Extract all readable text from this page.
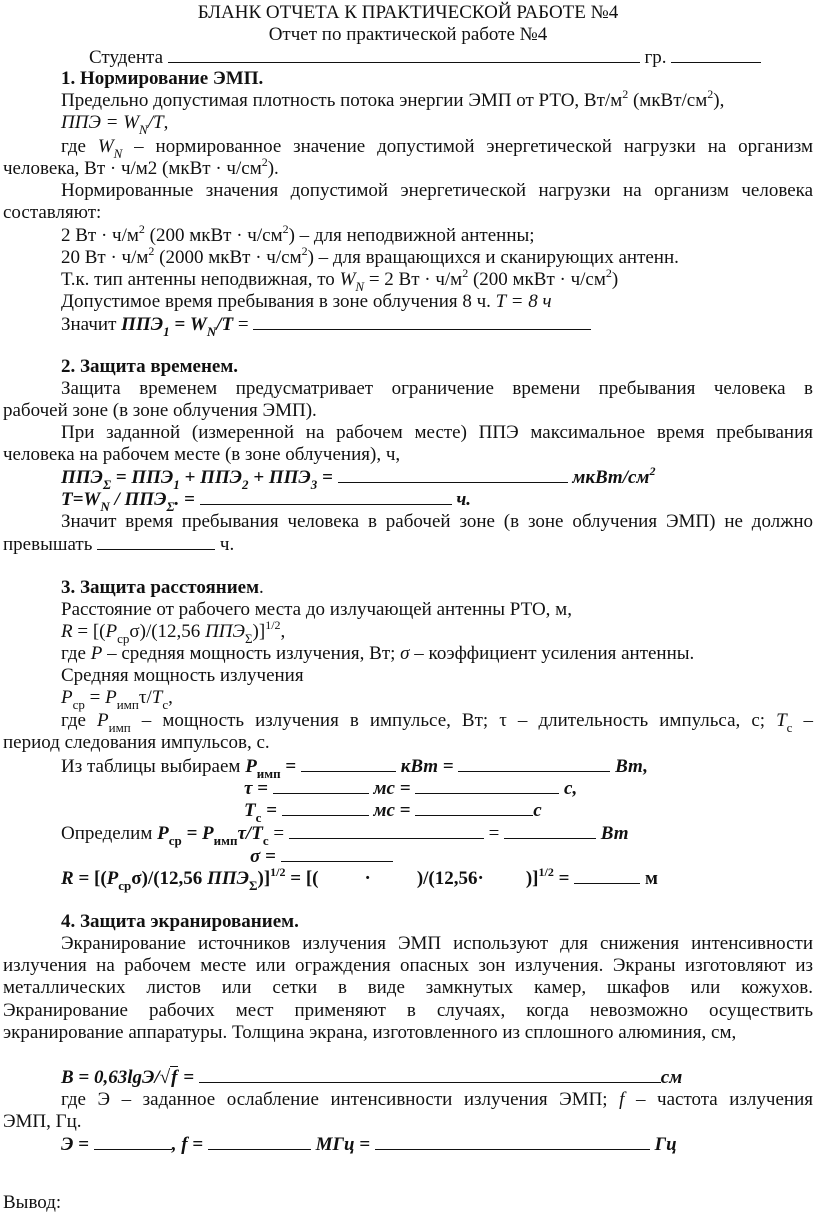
БЛАНК ОТЧЕТА К ПРАКТИЧЕСКОЙ РАБОТЕ №4
Отчет по практической работе №4
Студента	гр.
1. Нормирование ЭМП.
Предельно допустимая плотность потока энергии ЭМП от РТО, $Вт/м^2$ $(мкВт/см^2)$,
ППЭ = $W_N/T$,
где $W_N$ – нормированное значение допустимой энергетической нагрузки на организм
человека, Вт · ч/м2 (мкВт · $ч/см^2$).
Нормированные значения допустимой энергетической нагрузки на организм человека
составляют:
2 Вт · $ч/м^2$ (200 мкВт · $ч/см^2$) – для неподвижной антенны;
20 Вт · $ч/м^2$ (2000 мкВт · $ч/см^2$) – для вращающихся и сканирующих антенн.
Т.к. тип антенны неподвижная, то $W_N = 2$ Вт · $ч/м^2$ (200 мкВт · $ч/см^2$)
Допустимое время пребывания в зоне облучения 8 ч. T = 8 ч
Значит $ППЭ_1 = W_N/T$ =
2. Защита временем.
Защита временем предусматривает ограничение времени пребывания человека в
рабочей зоне (в зоне облучения ЭМП).
При заданной (измеренной на рабочем месте) ППЭ максимальное время пребывания
человека на рабочем месте (в зоне облучения), ч,
$ППЭ_\Sigma = ППЭ_1 + ППЭ_2 + ППЭ_3$ =	мкВт/$см^2$
$T=W_N / ППЭ_\Sigma$. =	ч.
Значит время пребывания человека в рабочей зоне (в зоне облучения ЭМП) не должно
превышать	ч.
3. Защита расстоянием.
Расстояние от рабочего места до излучающей антенны РТО, м,
$R = [(P_{ср}\sigma)/(12,56$ $ППЭ_\Sigma)]^{1/2}$,
где P – средняя мощность излучения, Вт; σ – коэффициент усиления антенны.
Средняя мощность излучения
$P_{ср} = P_{имп}\tau/T_с$,
где $P_{имп}$ – мощность излучения в импульсе, Вт; τ – длительность импульса, с; $T_с$ –
период следования импульсов, с.
Из таблицы выбираем $Р_{имп}$ =	кВт =	Вт,
τ =	мс =	с,
$T_с$ =	мс =	с
Определим $Р_{ср} = Р_{имп}\tau/T_с$ =	=	Вт
σ =
$R = [(Р_{ср}\sigma)/(12,56$ $ППЭ_\Sigma)]^{1/2}$ = [( · )/(12,56· )]$^{1/2}$ =	м
4. Защита экранированием.
Экранирование источников излучения ЭМП используют для снижения интенсивности
излучения на рабочем месте или ограждения опасных зон излучения. Экраны изготовляют из
металлических листов или сетки в виде замкнутых камер, шкафов или кожухов.
Экранирование рабочих мест применяют в случаях, когда невозможно осуществить
экранирование аппаратуры. Толщина экрана, изготовленного из сплошного алюминия, см,
B = 0,63lgЭ/√f =	см
где Э – заданное ослабление интенсивности излучения ЭМП; f – частота излучения
ЭМП, Гц.
Э =	, f =	МГц =	Гц
Вывод:
